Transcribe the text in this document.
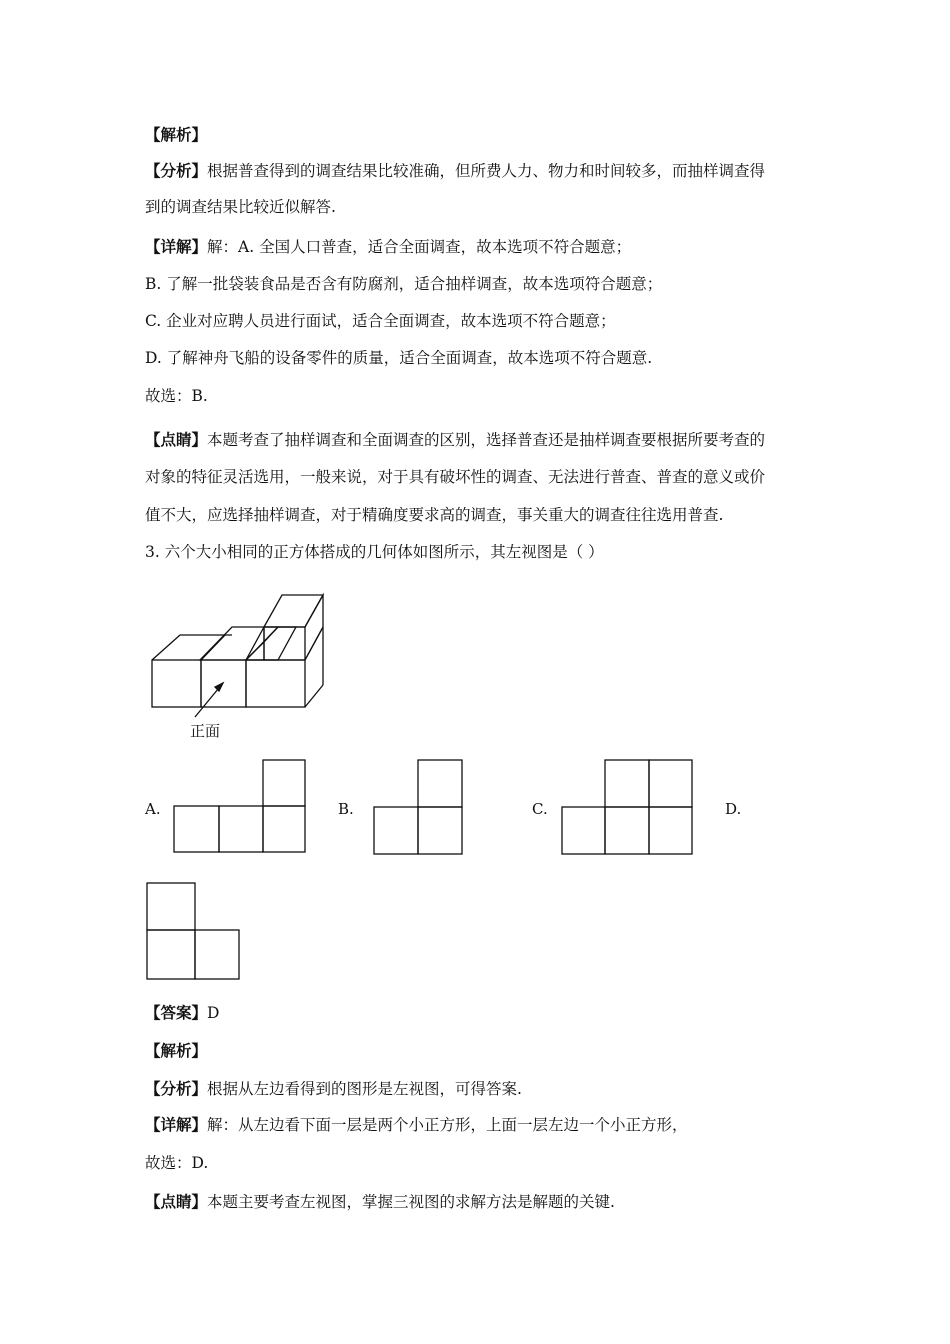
【解析】
【分析】根据普查得到的调查结果比较准确，但所费人力、物力和时间较多，而抽样调查得
到的调查结果比较近似解答.
【详解】解：A. 全国人口普查，适合全面调查，故本选项不符合题意；
B. 了解一批袋装食品是否含有防腐剂，适合抽样调查，故本选项符合题意；
C. 企业对应聘人员进行面试，适合全面调查，故本选项不符合题意；
D. 了解神舟飞船的设备零件的质量，适合全面调查，故本选项不符合题意.
故选：B.
【点睛】本题考查了抽样调查和全面调查的区别，选择普查还是抽样调查要根据所要考查的
对象的特征灵活选用，一般来说，对于具有破坏性的调查、无法进行普查、普查的意义或价
值不大，应选择抽样调查，对于精确度要求高的调查，事关重大的调查往往选用普查.
3. 六个大小相同的正方体搭成的几何体如图所示，其左视图是（ ）
正面
A.	B.	C.	D.
【答案】D
【解析】
【分析】根据从左边看得到的图形是左视图，可得答案.
【详解】解：从左边看下面一层是两个小正方形，上面一层左边一个小正方形，
故选：D.
【点睛】本题主要考查左视图，掌握三视图的求解方法是解题的关键.
